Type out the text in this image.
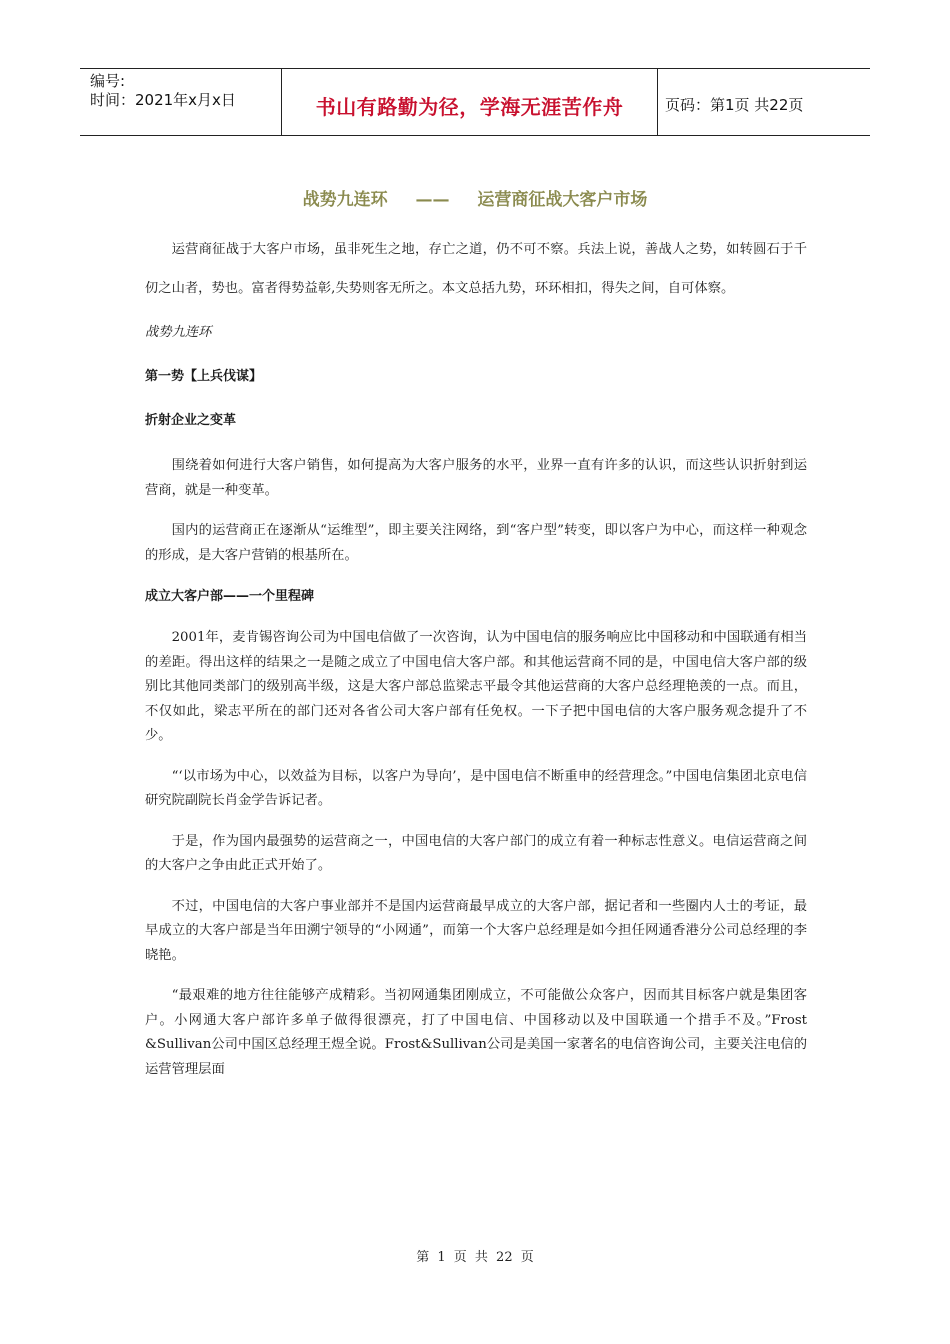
编号:
时间：2021年x月x日	书山有路勤为径，学海无涯苦作舟	页码：第1页 共22页
战势九连环 —— 运营商征战大客户市场

运营商征战于大客户市场，虽非死生之地，存亡之道，仍不可不察。兵法上说，善战人之势，如转圆石于千仞之山者，势也。富者得势益彰,失势则客无所之。本文总括九势，环环相扣，得失之间，自可体察。

战势九连环

第一势【上兵伐谋】

折射企业之变革

围绕着如何进行大客户销售，如何提高为大客户服务的水平，业界一直有许多的认识，而这些认识折射到运营商，就是一种变革。

国内的运营商正在逐渐从“运维型”，即主要关注网络，到“客户型”转变，即以客户为中心，而这样一种观念的形成，是大客户营销的根基所在。

成立大客户部——一个里程碑

2001年，麦肯锡咨询公司为中国电信做了一次咨询，认为中国电信的服务响应比中国移动和中国联通有相当的差距。得出这样的结果之一是随之成立了中国电信大客户部。和其他运营商不同的是，中国电信大客户部的级别比其他同类部门的级别高半级，这是大客户部总监梁志平最令其他运营商的大客户总经理艳羡的一点。而且，不仅如此，梁志平所在的部门还对各省公司大客户部有任免权。一下子把中国电信的大客户服务观念提升了不少。

“‘以市场为中心，以效益为目标，以客户为导向’，是中国电信不断重申的经营理念。”中国电信集团北京电信研究院副院长肖金学告诉记者。

于是，作为国内最强势的运营商之一，中国电信的大客户部门的成立有着一种标志性意义。电信运营商之间的大客户之争由此正式开始了。

不过，中国电信的大客户事业部并不是国内运营商最早成立的大客户部，据记者和一些圈内人士的考证，最早成立的大客户部是当年田溯宁领导的“小网通”，而第一个大客户总经理是如今担任网通香港分公司总经理的李晓艳。

“最艰难的地方往往能够产成精彩。当初网通集团刚成立，不可能做公众客户，因而其目标客户就是集团客户。小网通大客户部许多单子做得很漂亮，打了中国电信、中国移动以及中国联通一个措手不及。”Frost &Sullivan公司中国区总经理王煜全说。Frost&Sullivan公司是美国一家著名的电信咨询公司，主要关注电信的运营管理层面

第 1 页 共 22 页
